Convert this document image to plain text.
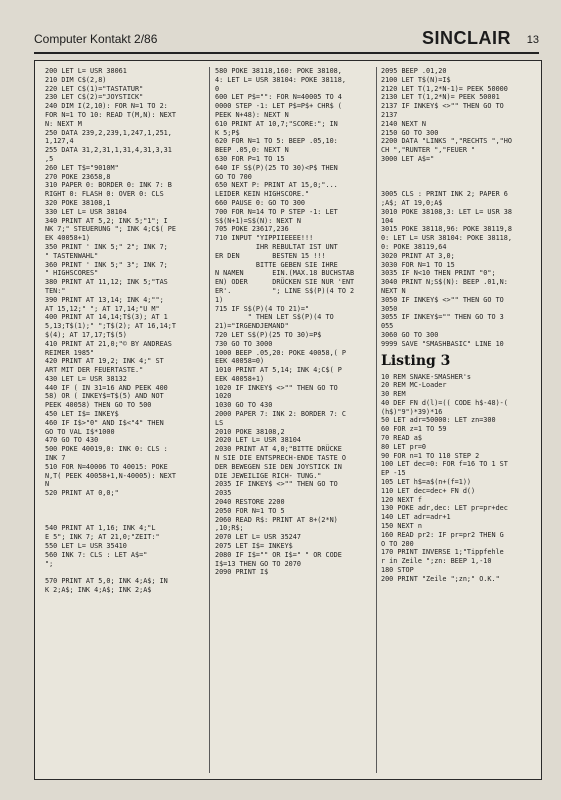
Computer Kontakt 2/86	SINCLAIR 13
200 LET L= USR 38061
210 DIM C$(2,8)
220 LET C$(1)="TASTATUR"
230 LET C$(2)="JOYSTICK"
240 DIM I(2,10): FOR N=1 TO 2:
FOR N=1 TO 10: READ T(M,N): NEXT
N: NEXT M
250 DATA 239,2,239,1,247,1,251,
1,127,4
255 DATA 31,2,31,1,31,4,31,3,31
,5
260 LET T$="9010M"
270 POKE 23658,8
310 PAPER 0: BORDER 0: INK 7: B
RIGHT 0: FLASH 0: OVER 0: CLS
320 POKE 38108,1
330 LET L= USR 38104
340 PRINT AT 5,2; INK 5;"1"; I
NK 7;" STEUERUNG "; INK 4;C$( PE
EK 40058+1)
350 PRINT ' INK 5;" 2"; INK 7;
" TASTENWAHL"
360 PRINT ' INK 5;" 3"; INK 7;
" HIGHSCORES"
380 PRINT AT 11,12; INK 5;"TAS
TEN:"
390 PRINT AT 13,14; INK 4;"";
AT 15,12;" "; AT 17,14;"U M"
400 PRINT AT 14,14;T$(3); AT 1
5,13;T$(1);" ";T$(2); AT 16,14;T
$(4); AT 17,17;T$(5)
410 PRINT AT 21,0;"© BY ANDREAS
REIMER 1985"
420 PRINT AT 19,2; INK 4;" ST
ART MIT DER FEUERTASTE."
430 LET L= USR 38132
440 IF ( IN 31=16 AND PEEK 400
58) OR ( INKEY$=T$(5) AND NOT
PEEK 40058) THEN GO TO 500
450 LET I$= INKEY$
460 IF I$>"0" AND I$<"4" THEN
GO TO VAL I$*1000
470 GO TO 430
500 POKE 40019,0: INK 0: CLS :
INK 7
510 FOR N=40006 TO 40015: POKE
N,T( PEEK 40058+1,N-40005): NEXT
N
520 PRINT AT 0,0;"

540 PRINT AT 1,16; INK 4;"L
E 5"; INK 7; AT 21,0;"ZEIT:"
550 LET L= USR 35410
560 INK 7: CLS : LET A$="
";

570 PRINT AT 5,0; INK 4;A$; IN
K 2;A$; INK 4;A$; INK 2;A$
580 POKE 38118,160: POKE 38108,
4: LET L= USR 38104: POKE 38118,
0
600 LET P$="": FOR N=40005 TO 4
0000 STEP -1: LET P$=P$+ CHR$ (
PEEK N+48): NEXT N
610 PRINT AT 10,7;"SCORE:"; IN
K 5;P$
620 FOR N=1 TO 5: BEEP .05,10:
BEEP .05,0: NEXT N
630 FOR P=1 TO 15
640 IF S$(P)(25 TO 30)<P$ THEN
GO TO 700
650 NEXT P: PRINT AT 15,0;"...
LEIDER KEIN HIGHSCORE."
660 PAUSE 0: GO TO 300
700 FOR N=14 TO P STEP -1: LET
S$(N+1)=S$(N): NEXT N
705 POKE 23617,236
710 INPUT "YIPPIIEEEE!!!
IHR REBULTAT IST UNT
ER DEN        BESTEN 15 !!!
BITTE GEBEN SIE IHRE
N NAMEN       EIN.(MAX.18 BUCHSTAB
EN) ODER      DRÜCKEN SIE NUR 'ENT
ER'.          "; LINE S$(P)(4 TO 2
1)
715 IF S$(P)(4 TO 21)="
" THEN LET S$(P)(4 TO
21)="IRGENDJEMAND"
720 LET S$(P)(25 TO 30)=P$
730 GO TO 3000
1000 BEEP .05,20: POKE 40058,( P
EEK 40058=0)
1010 PRINT AT 5,14; INK 4;C$( P
EEK 40058+1)
1020 IF INKEY$ <>"" THEN GO TO
1020
1030 GO TO 430
2000 PAPER 7: INK 2: BORDER 7: C
LS
2010 POKE 38108,2
2020 LET L= USR 38104
2030 PRINT AT 4,0;"BITTE DRÜCKE
N SIE DIE ENTSPRECH-ENDE TASTE O
DER BEWEGEN SIE DEN JOYSTICK IN
DIE JEWEILIGE RICH- TUNG."
2035 IF INKEY$ <>"" THEN GO TO
2035
2040 RESTORE 2200
2050 FOR N=1 TO 5
2060 READ R$: PRINT AT 8+(2*N)
,10;R$;
2070 LET L= USR 35247
2075 LET I$= INKEY$
2080 IF I$="" OR I$=" " OR CODE
I$=13 THEN GO TO 2070
2090 PRINT I$
2095 BEEP .01,20
2100 LET T$(N)=I$
2120 LET T(1,2*N-1)= PEEK 50000
2130 LET T(1,2*N)= PEEK 50001
2137 IF INKEY$ <>"" THEN GO TO
2137
2140 NEXT N
2150 GO TO 300
2200 DATA "LINKS ","RECHTS ","HO
CH ","RUNTER ","FEUER "
3000 LET A$="

3005 CLS : PRINT INK 2; PAPER 6
;A$; AT 19,0;A$
3010 POKE 38108,3: LET L= USR 38
104
3015 POKE 38118,96: POKE 38119,8
0: LET L= USR 38104: POKE 38118,
0: POKE 38119,64
3020 PRINT AT 3,0;
3030 FOR N=1 TO 15
3035 IF N<10 THEN PRINT "0";
3040 PRINT N;S$(N): BEEP .01,N:
NEXT N
3050 IF INKEY$ <>"" THEN GO TO
3050
3055 IF INKEY$="" THEN GO TO 3
055
3060 GO TO 300
9999 SAVE "SMASHBASIC" LINE 10
Listing 3
10 REM SNAKE-SMASHER's
20 REM MC-Loader
30 REM
40 DEF FN d(l)=(( CODE h$-48)-(
(h$)"9")*39)*16
50 LET adr=50000: LET zn=300
60 FOR z=1 TO 59
70 READ a$
80 LET pr=0
90 FOR n=1 TO 110 STEP 2
100 LET dec=0: FOR f=16 TO 1 ST
EP -15
105 LET h$=a$(n+(f=1))
110 LET dec=dec+ FN d()
120 NEXT f
130 POKE adr,dec: LET pr=pr+dec
140 LET adr=adr+1
150 NEXT n
160 READ pr2: IF pr=pr2 THEN G
O TO 200
170 PRINT INVERSE 1;"Tippfehle
r in Zeile ";zn: BEEP 1,-10
180 STOP
200 PRINT "Zeile ";zn;" O.K."
